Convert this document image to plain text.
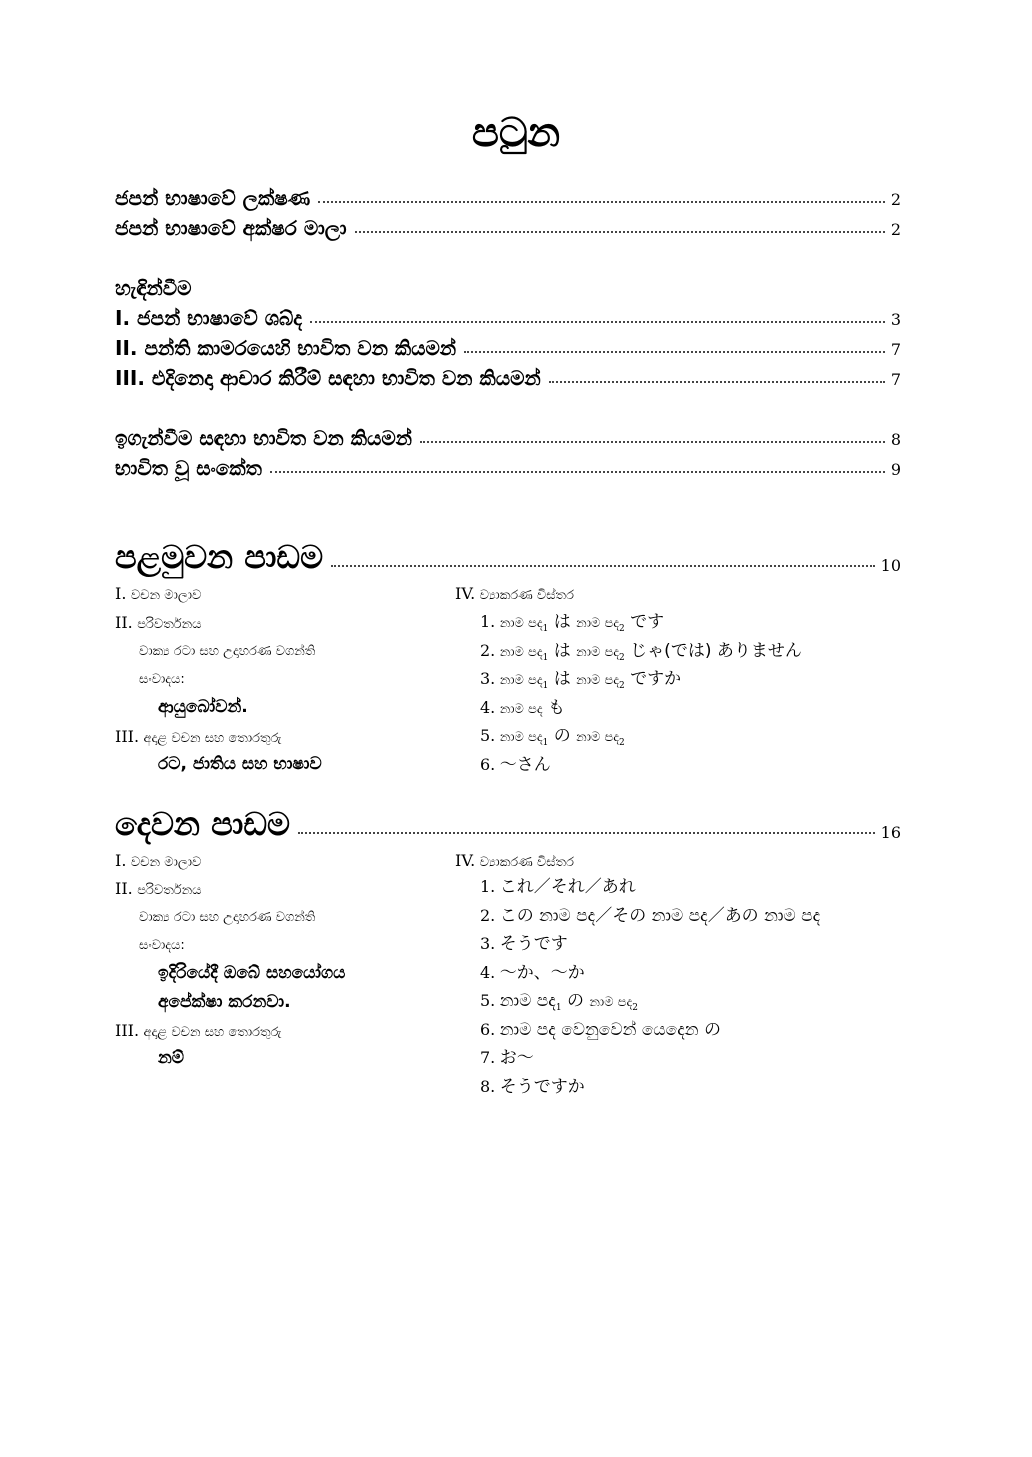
පටුන
ජපන් භාෂාවේ ලක්ෂණ	2
ජපන් භාෂාවේ අක්ෂර මාලා	2
හැඳින්වීම
I. ජපන් භාෂාවේ ශබ්ද	3
II. පන්ති කාමරයෙහි භාවිත වන කියමන්	7
III. එදිනෙදා ආචාර කිරීම් සඳහා භාවිත වන කියමන්	7
ඉගැන්වීම සඳහා භාවිත වන කියමන්	8
භාවිත වූ සංකේත	9
පළමුවන පාඩම	10
I. වචන මාලාව
II. පරිවර්තනය
වාක්‍ය රටා සහ උදාහරණ වගන්ති
සංවාදය:
ආයුබෝවන්.
III. අදාළ වචන සහ තොරතුරු
රට, ජාතිය සහ භාෂාව
IV. ව්‍යාකරණ විස්තර
1. නාම පද$_1$ は නාම පද$_2$ です
2. නාම පද$_1$ は නාම පද$_2$ じゃ(では) ありません
3. නාම පද$_1$ は නාම පද$_2$ ですか
4. නාම පද も
5. නාම පද$_1$ の නාම පද$_2$
6. ～さん
දෙවන පාඩම	16
I. වචන මාලාව
II. පරිවර්තනය
වාක්‍ය රටා සහ උදාහරණ වගන්ති
සංවාදය:
ඉදිරියේදී ඔබේ සහයෝගය
අපේක්ෂා කරනවා.
III. අදාළ වචන සහ තොරතුරු
නම්
IV. ව්‍යාකරණ විස්තර
1. これ／それ／あれ
2. この නාම පද／その නාම පද／あの නාම පද
3. そうです
4. ～か、～か
5. නාම පද$_1$ の නාම පද$_2$
6. නාම පද වෙනුවෙන් යෙදෙන の
7. お～
8. そうですか
